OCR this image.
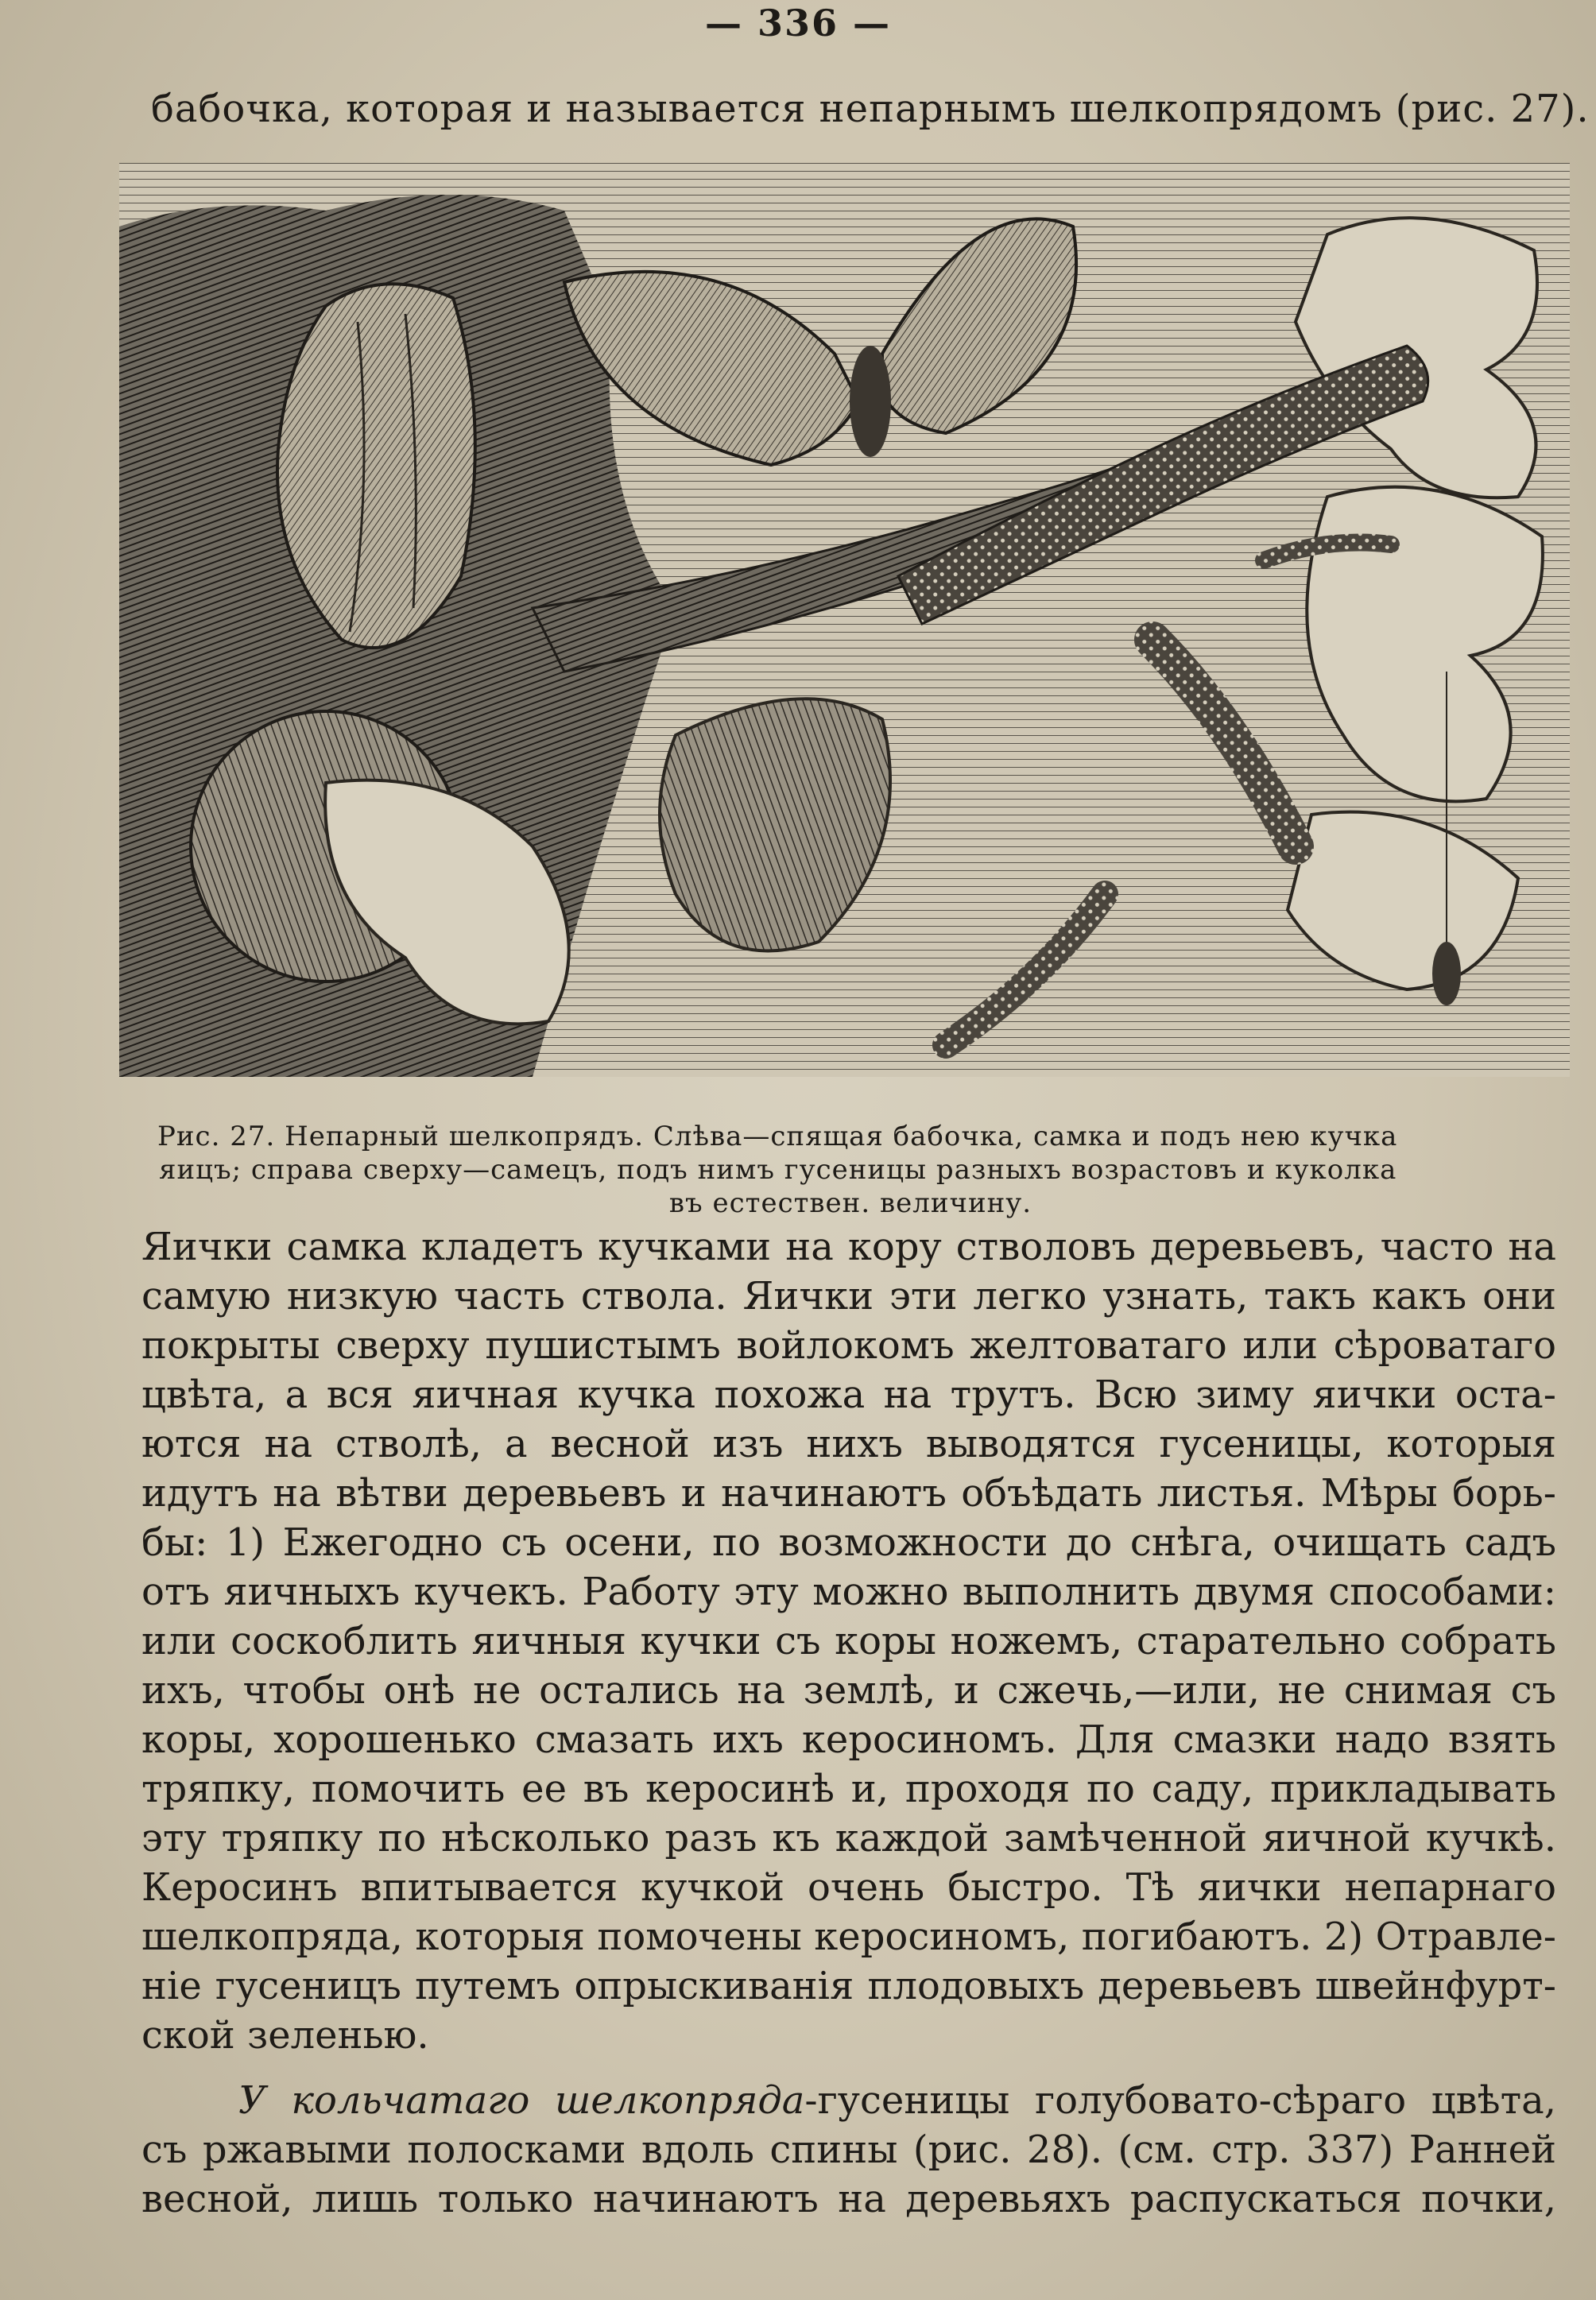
— 336 —
бабочка, которая и называется непарнымъ шелкопрядомъ (рис. 27).
Рис. 27. Непарный шелкопрядъ. Слѣва—спящая бабочка, самка и подъ нею кучка
яицъ; справа сверху—самецъ, подъ нимъ гусеницы разныхъ возрастовъ и куколка
въ естествен. величину.
Яички самка кладетъ кучками на кору стволовъ деревьевъ, часто на
самую низкую часть ствола. Яички эти легко узнать, такъ какъ они
покрыты сверху пушистымъ войлокомъ желтоватаго или сѣроватаго
цвѣта, а вся яичная кучка похожа на трутъ. Всю зиму яички оста-
ются на стволѣ, а весной изъ нихъ выводятся гусеницы, которыя
идутъ на вѣтви деревьевъ и начинаютъ объѣдать листья. Мѣры борь-
бы: 1) Ежегодно съ осени, по возможности до снѣга, очищать садъ
отъ яичныхъ кучекъ. Работу эту можно выполнить двумя способами:
или соскоблить яичныя кучки съ коры ножемъ, старательно собрать
ихъ, чтобы онѣ не остались на землѣ, и сжечь,—или, не снимая съ
коры, хорошенько смазать ихъ керосиномъ. Для смазки надо взять
тряпку, помочить ее въ керосинѣ и, проходя по саду, прикладывать
эту тряпку по нѣсколько разъ къ каждой замѣченной яичной кучкѣ.
Керосинъ впитывается кучкой очень быстро. Тѣ яички непарнаго
шелкопряда, которыя помочены керосиномъ, погибаютъ. 2) Отравле-
нiе гусеницъ путемъ опрыскиванiя плодовыхъ деревьевъ швейнфурт-
ской зеленью.
У кольчатаго шелкопряда-гусеницы голубовато-сѣраго цвѣта,
съ ржавыми полосками вдоль спины (рис. 28). (см. стр. 337) Ранней
весной, лишь только начинаютъ на деревьяхъ распускаться почки,
